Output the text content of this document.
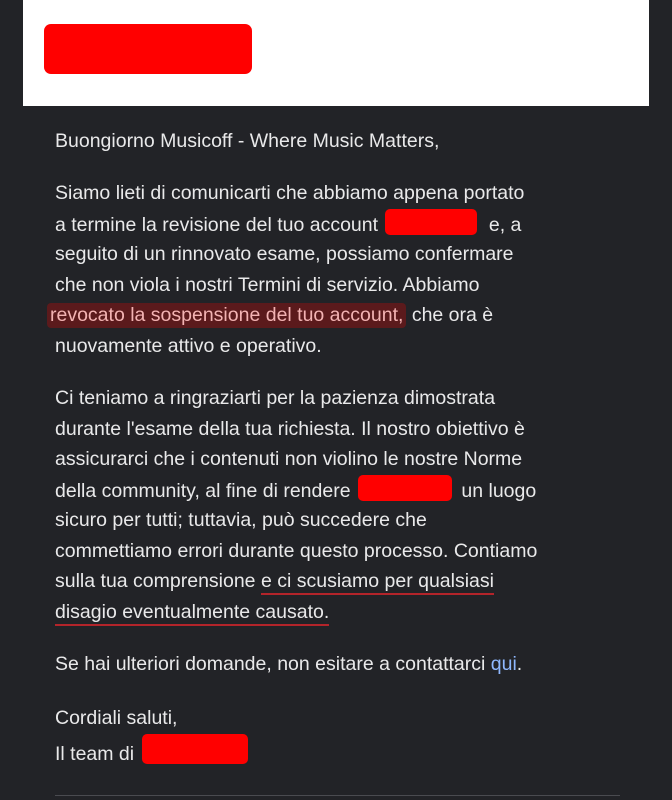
Buongiorno Musicoff - Where Music Matters,
Siamo lieti di comunicarti che abbiamo appena portato
a termine la revisione del tuo account	e, a
seguito di un rinnovato esame, possiamo confermare
che non viola i nostri Termini di servizio. Abbiamo
revocato la sospensione del tuo account, che ora è
nuovamente attivo e operativo.
Ci teniamo a ringraziarti per la pazienza dimostrata
durante l'esame della tua richiesta. Il nostro obiettivo è
assicurarci che i contenuti non violino le nostre Norme
della community, al fine di rendere	un luogo
sicuro per tutti; tuttavia, può succedere che
commettiamo errori durante questo processo. Contiamo
sulla tua comprensione e ci scusiamo per qualsiasi
disagio eventualmente causato.
Se hai ulteriori domande, non esitare a contattarci qui.
Cordiali saluti,
Il team di
